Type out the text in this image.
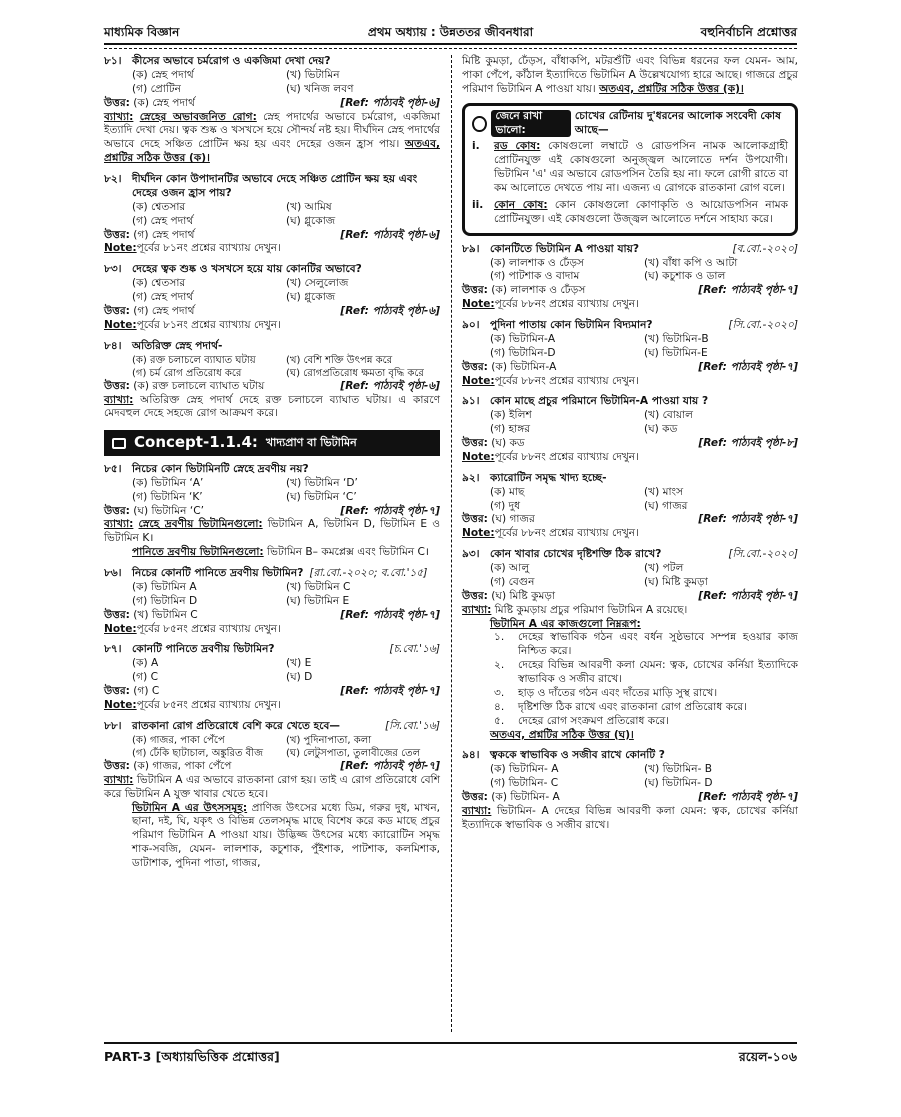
মাধ্যমিক বিজ্ঞান	প্রথম অধ্যায় : উন্নততর জীবনধারা	বহুনির্বাচনি প্রশ্নোত্তর
৮১। কীসের অভাবে চর্মরোগ ও একজিমা দেখা দেয়?
(ক) স্নেহ পদার্থ	(খ) ভিটামিন
(গ) প্রোটিন	(ঘ) খনিজ লবণ
উত্তর: (ক) স্নেহ পদার্থ	[Ref: পাঠ্যবই পৃষ্ঠা-৬]
ব্যাখ্যা: স্নেহের অভাবজনিত রোগ: স্নেহ পদার্থের অভাবে চর্মরোগ, একজিমা ইত্যাদি দেখা দেয়। ত্বক শুষ্ক ও খসখসে হয়ে সৌন্দর্য নষ্ট হয়। দীর্ঘদিন স্নেহ পদার্থের অভাবে দেহে সঞ্চিত প্রোটিন ক্ষয় হয় এবং দেহের ওজন হ্রাস পায়। অতএব, প্রশ্নটির সঠিক উত্তর (ক)।
৮২। দীর্ঘদিন কোন উপাদানটির অভাবে দেহে সঞ্চিত প্রোটিন ক্ষয় হয় এবং দেহের ওজন হ্রাস পায়?
(ক) শ্বেতসার	(খ) আমিষ
(গ) স্নেহ পদার্থ	(ঘ) গ্লুকোজ
উত্তর: (গ) স্নেহ পদার্থ	[Ref: পাঠ্যবই পৃষ্ঠা-৬]
Note:পূর্বের ৮১নং প্রশ্নের ব্যাখ্যায় দেখুন।
৮৩। দেহের ত্বক শুষ্ক ও খসখসে হয়ে যায় কোনটির অভাবে?
(ক) শ্বেতসার	(খ) সেলুলোজ
(গ) স্নেহ পদার্থ	(ঘ) গ্লুকোজ
উত্তর: (গ) স্নেহ পদার্থ	[Ref: পাঠ্যবই পৃষ্ঠা-৬]
Note:পূর্বের ৮১নং প্রশ্নের ব্যাখ্যায় দেখুন।
৮৪। অতিরিক্ত স্নেহ পদার্থ-
(ক) রক্ত চলাচলে ব্যাঘাত ঘটায়	(খ) বেশি শক্তি উৎপন্ন করে
(গ) চর্ম রোগ প্রতিরোধ করে	(ঘ) রোগপ্রতিরোধ ক্ষমতা বৃদ্ধি করে
উত্তর: (ক) রক্ত চলাচলে ব্যাঘাত ঘটায়	[Ref: পাঠ্যবই পৃষ্ঠা-৬]
ব্যাখ্যা: অতিরিক্ত স্নেহ পদার্থ দেহে রক্ত চলাচলে ব্যাঘাত ঘটায়। এ কারণে মেদবহুল দেহে সহজে রোগ আক্রমণ করে।
Concept-1.1.4: খাদ্যপ্রাণ বা ভিটামিন
৮৫। নিচের কোন ভিটামিনটি স্নেহে দ্রবণীয় নয়?
(ক) ভিটামিন ‘A’	(খ) ভিটামিন ‘D’
(গ) ভিটামিন ‘K’	(ঘ) ভিটামিন ‘C’
উত্তর: (ঘ) ভিটামিন ‘C’	[Ref: পাঠ্যবই পৃষ্ঠা-৭]
ব্যাখ্যা: স্নেহে দ্রবণীয় ভিটামিনগুলো: ভিটামিন A, ভিটামিন D, ভিটামিন E ও ভিটামিন K।
পানিতে দ্রবণীয় ভিটামিনগুলো: ভিটামিন B– কমপ্লেক্স এবং ভিটামিন C।
৮৬। নিচের কোনটি পানিতে দ্রবণীয় ভিটামিন? [রা.বো.-২০২০; ব.বো.'১৫]
(ক) ভিটামিন A	(খ) ভিটামিন C
(গ) ভিটামিন D	(ঘ) ভিটামিন E
উত্তর: (খ) ভিটামিন C	[Ref: পাঠ্যবই পৃষ্ঠা-৭]
Note:পূর্বের ৮৫নং প্রশ্নের ব্যাখ্যায় দেখুন।
৮৭। কোনটি পানিতে দ্রবণীয় ভিটামিন?	[চ.বো.'১৬]
(ক) A	(খ) E
(গ) C	(ঘ) D
উত্তর: (গ) C	[Ref: পাঠ্যবই পৃষ্ঠা-৭]
Note:পূর্বের ৮৫নং প্রশ্নের ব্যাখ্যায় দেখুন।
৮৮। রাতকানা রোগ প্রতিরোধে বেশি করে খেতে হবে—	[সি.বো.'১৬]
(ক) গাজর, পাকা পেঁপে	(খ) পুদিনাপাতা, কলা
(গ) ঢেঁকি ছাটাচাল, অঙ্কুরিত বীজ	(ঘ) লেটুসপাতা, তুলাবীজের তেল
উত্তর: (ক) গাজর, পাকা পেঁপে	[Ref: পাঠ্যবই পৃষ্ঠা-৭]
ব্যাখ্যা: ভিটামিন A এর অভাবে রাতকানা রোগ হয়। তাই এ রোগ প্রতিরোধে বেশি করে ভিটামিন A যুক্ত খাবার খেতে হবে।
ভিটামিন A এর উৎসসমূহ: প্রাণিজ উৎসের মধ্যে ডিম, গরুর দুধ, মাখন, ছানা, দই, ঘি, যকৃৎ ও বিভিন্ন তেলসমৃদ্ধ মাছে বিশেষ করে কড মাছে প্রচুর পরিমাণ ভিটামিন A পাওয়া যায়। উদ্ভিজ্জ উৎসের মধ্যে ক্যারোটিন সমৃদ্ধ শাক-সবজি, যেমন- লালশাক, কচুশাক, পুঁইশাক, পাটশাক, কলমিশাক, ডাটাশাক, পুদিনা পাতা, গাজর,
মিষ্টি কুমড়া, ঢেঁড়স, বাঁধাকপি, মটরশুঁটি এবং বিভিন্ন ধরনের ফল যেমন- আম, পাকা পেঁপে, কাঁঠাল ইত্যাদিতে ভিটামিন A উল্লেখযোগ্য হারে আছে। গাজরে প্রচুর পরিমাণ ভিটামিন A পাওয়া যায়। অতএব, প্রশ্নটির সঠিক উত্তর (ক)।
জেনে রাখা ভালো:
চোখের রেটিনায় দু'ধরনের আলোক সংবেদী কোষ আছে—
i.	রড কোষ: কোষগুলো লম্বাটে ও রোডপসিন নামক আলোকগ্রাহী প্রোটিনযুক্ত এই কোষগুলো অনুজ্জ্বল আলোতে দর্শন উপযোগী। ভিটামিন 'এ' এর অভাবে রোডপসিন তৈরি হয় না। ফলে রোগী রাতে বা কম আলোতে দেখতে পায় না। এজন্য এ রোগকে রাতকানা রোগ বলে।
ii.	কোন কোষ: কোন কোষগুলো কোণাকৃতি ও আয়োডপসিন নামক প্রোটিনযুক্ত। এই কোষগুলো উজ্জ্বল আলোতে দর্শনে সাহায্য করে।
৮৯। কোনটিতে ভিটামিন A পাওয়া যায়?	[ব.বো.-২০২০]
(ক) লালশাক ও ঢেঁড়স	(খ) বাঁধা কপি ও আটা
(গ) পাটশাক ও বাদাম	(ঘ) কচুশাক ও ডাল
উত্তর: (ক) লালশাক ও ঢেঁড়স	[Ref: পাঠ্যবই পৃষ্ঠা-৭]
Note:পূর্বের ৮৮নং প্রশ্নের ব্যাখ্যায় দেখুন।
৯০। পুদিনা পাতায় কোন ভিটামিন বিদ্যমান?	[সি.বো.-২০২০]
(ক) ভিটামিন-A	(খ) ভিটামিন-B
(গ) ভিটামিন-D	(ঘ) ভিটামিন-E
উত্তর: (ক) ভিটামিন-A	[Ref: পাঠ্যবই পৃষ্ঠা-৭]
Note:পূর্বের ৮৮নং প্রশ্নের ব্যাখ্যায় দেখুন।
৯১। কোন মাছে প্রচুর পরিমানে ভিটামিন-A পাওয়া যায় ?
(ক) ইলিশ	(খ) বোয়াল
(গ) হাঙ্গর	(ঘ) কড
উত্তর: (ঘ) কড	[Ref: পাঠ্যবই পৃষ্ঠা-৮]
Note:পূর্বের ৮৮নং প্রশ্নের ব্যাখ্যায় দেখুন।
৯২। ক্যারোটিন সমৃদ্ধ খাদ্য হচ্ছে-
(ক) মাছ	(খ) মাংস
(গ) দুধ	(ঘ) গাজর
উত্তর: (ঘ) গাজর	[Ref: পাঠ্যবই পৃষ্ঠা-৭]
Note:পূর্বের ৮৮নং প্রশ্নের ব্যাখ্যায় দেখুন।
৯৩। কোন খাবার চোখের দৃষ্টিশক্তি ঠিক রাখে?	[সি.বো.-২০২০]
(ক) আলু	(খ) পটল
(গ) বেগুন	(ঘ) মিষ্টি কুমড়া
উত্তর: (ঘ) মিষ্টি কুমড়া	[Ref: পাঠ্যবই পৃষ্ঠা-৭]
ব্যাখ্যা: মিষ্টি কুমড়ায় প্রচুর পরিমাণ ভিটামিন A রয়েছে।
ভিটামিন A এর কাজগুলো নিম্নরূপ:
১.	দেহের স্বাভাবিক গঠন এবং বর্ধন সুষ্ঠভাবে সম্পন্ন হওয়ার কাজ নিশ্চিত করে।
২.	দেহের বিভিন্ন আবরণী কলা যেমন: ত্বক, চোখের কর্নিয়া ইত্যাদিকে স্বাভাবিক ও সজীব রাখে।
৩.	হাড় ও দাঁতের গঠন এবং দাঁতের মাড়ি সুস্থ রাখে।
৪.	দৃষ্টিশক্তি ঠিক রাখে এবং রাতকানা রোগ প্রতিরোধ করে।
৫.	দেহের রোগ সংক্রমণ প্রতিরোধ করে।
অতএব, প্রশ্নটির সঠিক উত্তর (ঘ)।
৯৪। ত্বককে স্বাভাবিক ও সজীব রাখে কোনটি ?
(ক) ভিটামিন- A	(খ) ভিটামিন- B
(গ) ভিটামিন- C	(ঘ) ভিটামিন- D
উত্তর: (ক) ভিটামিন- A	[Ref: পাঠ্যবই পৃষ্ঠা-৭]
ব্যাখ্যা: ভিটামিন- A দেহের বিভিন্ন আবরণী কলা যেমন: ত্বক, চোখের কর্নিয়া ইত্যাদিকে স্বাভাবিক ও সজীব রাখে।
PART-3 [অধ্যায়ভিত্তিক প্রশ্নোত্তর]	রয়েল-১০৬
